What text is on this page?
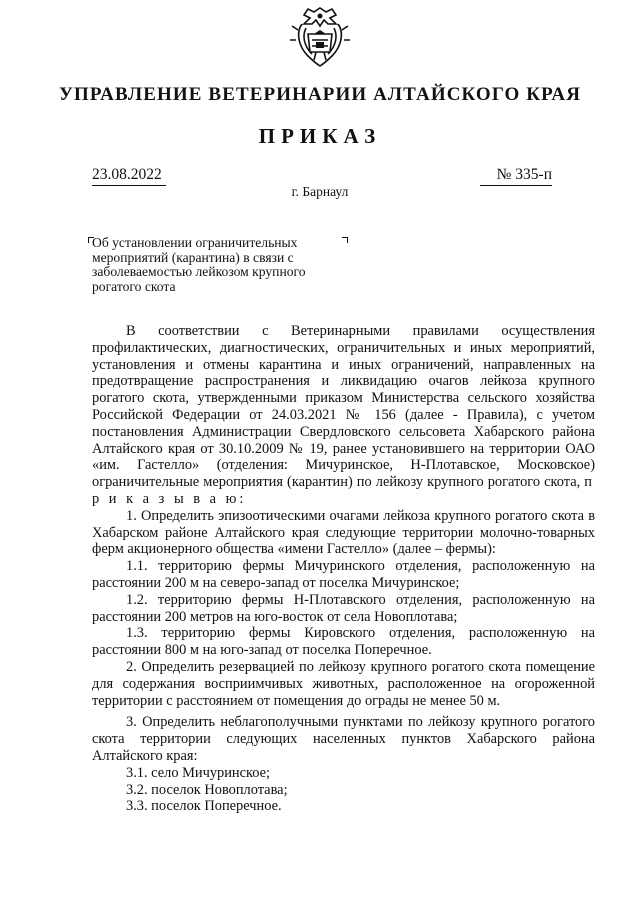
УПРАВЛЕНИЕ ВЕТЕРИНАРИИ АЛТАЙСКОГО КРАЯ
ПРИКАЗ
23.08.2022	№ 335-п
г. Барнаул
Об установлении ограничительных
мероприятий (карантина) в связи с
заболеваемостью лейкозом крупного
рогатого скота

В соответствии с Ветеринарными правилами осуществления профилактических, диагностических, ограничительных и иных мероприятий, установления и отмены карантина и иных ограничений, направленных на предотвращение распространения и ликвидацию очагов лейкоза крупного рогатого скота, утвержденными приказом Министерства сельского хозяйства Российской Федерации от 24.03.2021 № 156 (далее - Правила), с учетом постановления Администрации Свердловского сельсовета Хабарского района Алтайского края от 30.10.2009 № 19, ранее установившего на территории ОАО «им. Гастелло» (отделения: Мичуринское, Н-Плотавское, Московское) ограничительные мероприятия (карантин) по лейкозу крупного рогатого скота, п р и к а з ы в а ю:

1. Определить эпизоотическими очагами лейкоза крупного рогатого скота в Хабарском районе Алтайского края следующие территории молочно-товарных ферм акционерного общества «имени Гастелло» (далее – фермы):

1.1. территорию фермы Мичуринского отделения, расположенную на расстоянии 200 м на северо-запад от поселка Мичуринское;

1.2. территорию фермы Н-Плотавского отделения, расположенную на расстоянии 200 метров на юго-восток от села Новоплотава;

1.3. территорию фермы Кировского отделения, расположенную на расстоянии 800 м на юго-запад от поселка Поперечное.

2. Определить резервацией по лейкозу крупного рогатого скота помещение для содержания восприимчивых животных, расположенное на огороженной территории с расстоянием от помещения до ограды не менее 50 м.

3. Определить неблагополучными пунктами по лейкозу крупного рогатого скота территории следующих населенных пунктов Хабарского района Алтайского края:

3.1. село Мичуринское;

3.2. поселок Новоплотава;

3.3. поселок Поперечное.
